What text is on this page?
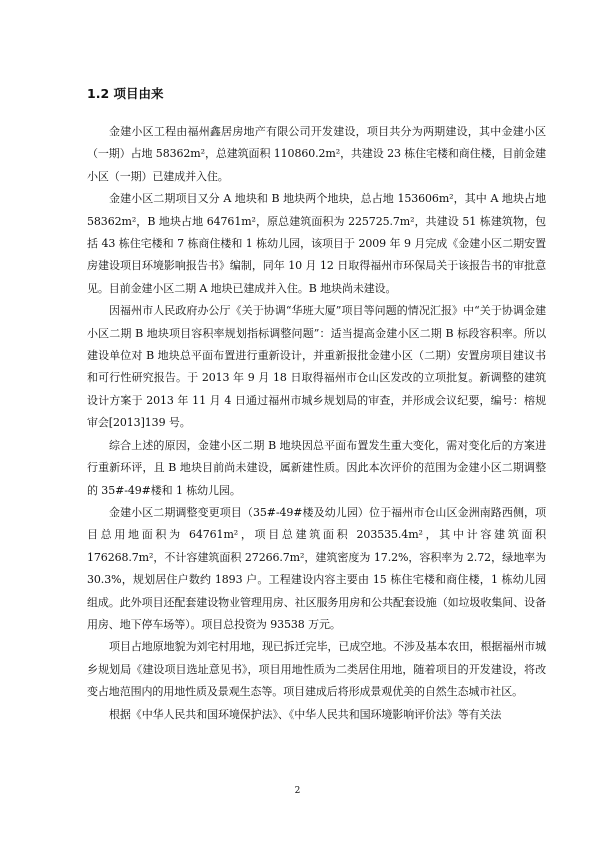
1.2 项目由来

金建小区工程由福州鑫居房地产有限公司开发建设，项目共分为两期建设，其中金建小区（一期）占地 58362m²，总建筑面积 110860.2m²，共建设 23 栋住宅楼和商住楼，目前金建小区（一期）已建成并入住。

金建小区二期项目又分 A 地块和 B 地块两个地块，总占地 153606m²，其中 A 地块占地 58362m²，B 地块占地 64761m²，原总建筑面积为 225725.7m²，共建设 51 栋建筑物，包括 43 栋住宅楼和 7 栋商住楼和 1 栋幼儿园，该项目于 2009 年 9 月完成《金建小区二期安置房建设项目环境影响报告书》编制，同年 10 月 12 日取得福州市环保局关于该报告书的审批意见。目前金建小区二期 A 地块已建成并入住。B 地块尚未建设。

因福州市人民政府办公厅《关于协调“华班大厦”项目等问题的情况汇报》中“关于协调金建小区二期 B 地块项目容积率规划指标调整问题”：适当提高金建小区二期 B 标段容积率。所以建设单位对 B 地块总平面布置进行重新设计，并重新报批金建小区（二期）安置房项目建议书和可行性研究报告。于 2013 年 9 月 18 日取得福州市仓山区发改的立项批复。新调整的建筑设计方案于 2013 年 11 月 4 日通过福州市城乡规划局的审查，并形成会议纪要，编号：榕规审会[2013]139 号。

综合上述的原因，金建小区二期 B 地块因总平面布置发生重大变化，需对变化后的方案进行重新环评，且 B 地块目前尚未建设，属新建性质。因此本次评价的范围为金建小区二期调整的 35#-49#楼和 1 栋幼儿园。

金建小区二期调整变更项目（35#-49#楼及幼儿园）位于福州市仓山区金洲南路西侧，项目总用地面积为 64761m²，项目总建筑面积 203535.4m²，其中计容建筑面积 176268.7m²，不计容建筑面积 27266.7m²，建筑密度为 17.2%，容积率为 2.72，绿地率为 30.3%，规划居住户数约 1893 户。工程建设内容主要由 15 栋住宅楼和商住楼，1 栋幼儿园组成。此外项目还配套建设物业管理用房、社区服务用房和公共配套设施（如垃圾收集间、设备用房、地下停车场等）。项目总投资为 93538 万元。

项目占地原地貌为刘宅村用地，现已拆迁完毕，已成空地。不涉及基本农田，根据福州市城乡规划局《建设项目选址意见书》，项目用地性质为二类居住用地，随着项目的开发建设，将改变占地范围内的用地性质及景观生态等。项目建成后将形成景观优美的自然生态城市社区。

根据《中华人民共和国环境保护法》、《中华人民共和国环境影响评价法》等有关法

2
